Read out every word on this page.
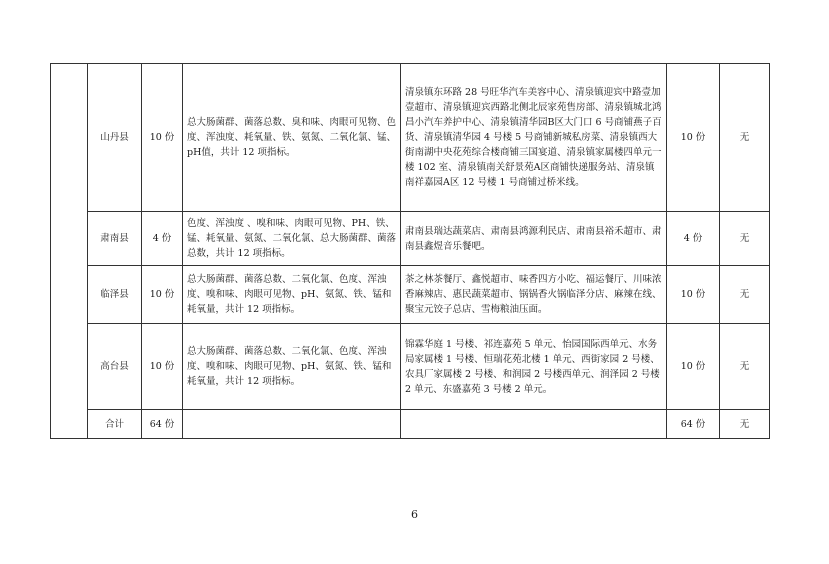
	山丹县	10 份	总大肠菌群、菌落总数、臭和味、肉眼可见物、色度、浑浊度、耗氧量、铁、氨氮、二氧化氯、锰、pH值，共计 12 项指标。	清泉镇东环路 28 号旺华汽车美容中心、清泉镇迎宾中路壹加壹超市、清泉镇迎宾西路北侧北辰家苑售房部、清泉镇城北鸿昌小汽车养护中心、清泉镇清华园B区大门口 6 号商铺燕子百货、清泉镇清华园 4 号楼 5 号商铺新城私房菜、清泉镇西大街南湖中央花苑综合楼商铺三国宴道、清泉镇家属楼四单元一楼 102 室、清泉镇南关舒景苑A区商铺快递服务站、清泉镇南祥嘉园A区 12 号楼 1 号商铺过桥米线。	10 份	无
	肃南县	4 份	色度、浑浊度 、嗅和味、肉眼可见物、PH、铁、锰、耗氧量、氨氮、二氧化氯、总大肠菌群、菌落总数，共计 12 项指标。	肃南县瑞达蔬菜店、肃南县鸿源利民店、肃南县裕禾超市、肃南县鑫煜音乐餐吧。	4 份	无
	临泽县	10 份	总大肠菌群、菌落总数、二氧化氯、色度、浑浊度、嗅和味、肉眼可见物、pH、氨氮、铁、锰和耗氧量，共计 12 项指标。	茶之林茶餐厅、鑫悦超市、味香四方小吃、福运餐厅、川味浓香麻辣店、惠民蔬菜超市、锅锅香火锅临泽分店、麻辣在线、聚宝元饺子总店、雪梅粮油压面。	10 份	无
	高台县	10 份	总大肠菌群、菌落总数、二氧化氯、色度、浑浊度、嗅和味、肉眼可见物、pH、氨氮、铁、锰和耗氧量，共计 12 项指标。	锦霖华庭 1 号楼、祁连嘉苑 5 单元、怡园国际西单元、水务局家属楼 1 号楼、恒瑞花苑北楼 1 单元、西街家园 2 号楼、农具厂家属楼 2 号楼、和润园 2 号楼西单元、润泽园 2 号楼 2 单元、东盛嘉苑 3 号楼 2 单元。	10 份	无
	合计	64 份			64 份	无
6
